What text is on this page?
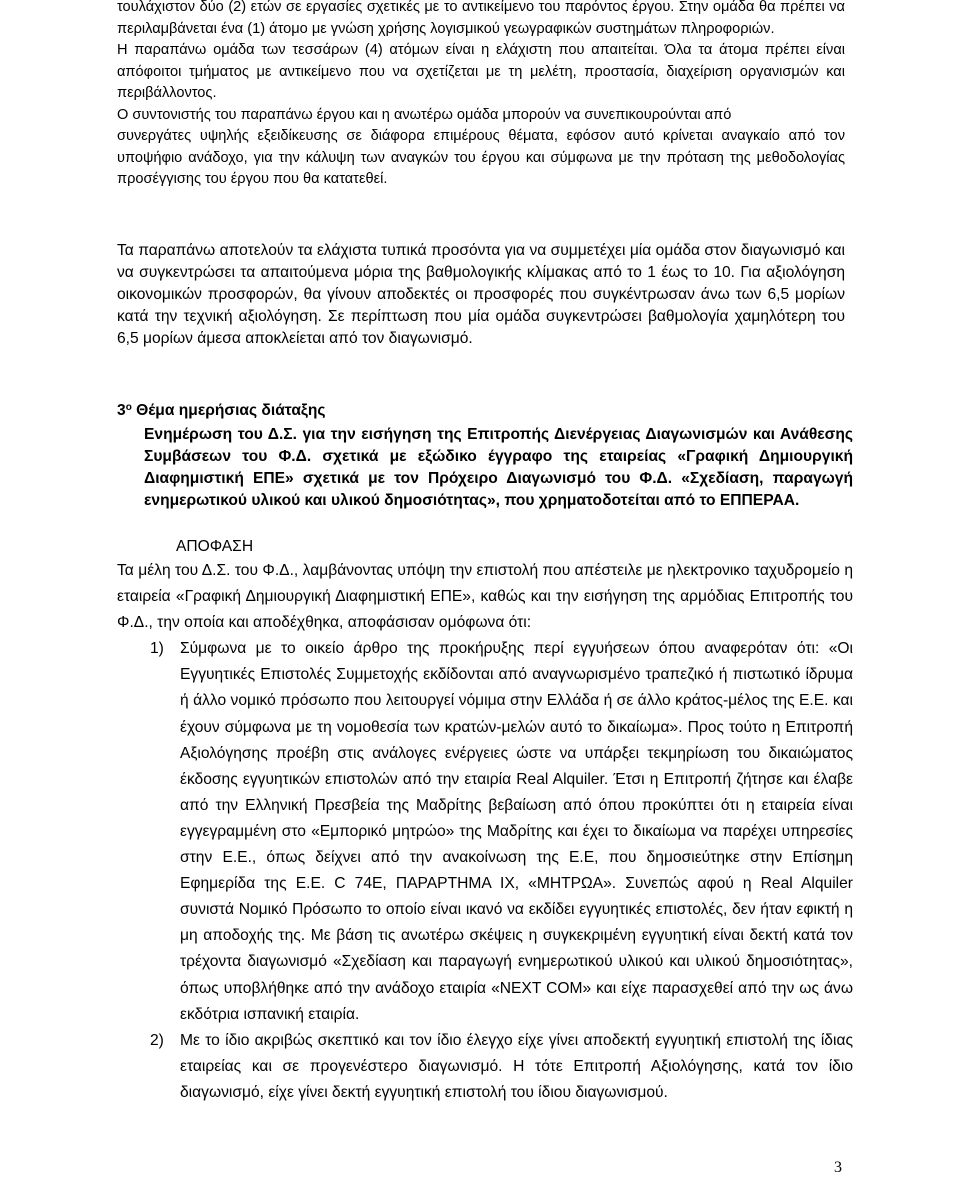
τουλάχιστον δύο (2) ετών σε εργασίες σχετικές με το αντικείμενο του παρόντος έργου. Στην ομάδα θα πρέπει να περιλαμβάνεται ένα (1) άτομο με γνώση χρήσης λογισμικού γεωγραφικών συστημάτων πληροφοριών.

Η παραπάνω ομάδα των τεσσάρων (4) ατόμων είναι η ελάχιστη που απαιτείται. Όλα τα άτομα πρέπει είναι απόφοιτοι τμήματος με αντικείμενο που να σχετίζεται με τη μελέτη, προστασία, διαχείριση οργανισμών και περιβάλλοντος.

Ο συντονιστής του παραπάνω έργου και η ανωτέρω ομάδα μπορούν να συνεπικουρούνται από

συνεργάτες υψηλής εξειδίκευσης σε διάφορα επιμέρους θέματα, εφόσον αυτό κρίνεται αναγκαίο από τον υποψήφιο ανάδοχο, για την κάλυψη των αναγκών του έργου και σύμφωνα με την πρόταση της μεθοδολογίας προσέγγισης του έργου που θα κατατεθεί.

Τα παραπάνω αποτελούν τα ελάχιστα τυπικά προσόντα για να συμμετέχει μία ομάδα στον διαγωνισμό και να συγκεντρώσει τα απαιτούμενα μόρια της βαθμολογικής κλίμακας από το 1 έως το 10. Για αξιολόγηση οικονομικών προσφορών, θα γίνουν αποδεκτές οι προσφορές που συγκέντρωσαν άνω των 6,5 μορίων κατά την τεχνική αξιολόγηση. Σε περίπτωση που μία ομάδα συγκεντρώσει βαθμολογία χαμηλότερη του 6,5 μορίων άμεσα αποκλείεται από τον διαγωνισμό.

$3^o$ Θέμα ημερήσιας διάταξης
Ενημέρωση του Δ.Σ. για την εισήγηση της Επιτροπής Διενέργειας Διαγωνισμών και Ανάθεσης Συμβάσεων του Φ.Δ. σχετικά με εξώδικο έγγραφο της εταιρείας «Γραφική Δημιουργική Διαφημιστική ΕΠΕ» σχετικά με τον Πρόχειρο Διαγωνισμό του Φ.Δ. «Σχεδίαση, παραγωγή ενημερωτικού υλικού και υλικού δημοσιότητας», που χρηματοδοτείται από το ΕΠΠΕΡΑΑ.
ΑΠΟΦΑΣΗ

Τα μέλη του Δ.Σ. του Φ.Δ., λαμβάνοντας υπόψη την επιστολή που απέστειλε με ηλεκτρονικο ταχυδρομείο η εταιρεία «Γραφική Δημιουργική Διαφημιστική ΕΠΕ», καθώς και την εισήγηση της αρμόδιας Επιτροπής του Φ.Δ., την οποία και αποδέχθηκα, αποφάσισαν ομόφωνα ότι:

1) Σύμφωνα με το οικείο άρθρο της προκήρυξης περί εγγυήσεων όπου αναφερόταν ότι: «Οι Εγγυητικές Επιστολές Συμμετοχής εκδίδονται από αναγνωρισμένο τραπεζικό ή πιστωτικό ίδρυμα ή άλλο νομικό πρόσωπο που λειτουργεί νόμιμα στην Ελλάδα ή σε άλλο κράτος-μέλος της Ε.Ε. και έχουν σύμφωνα με τη νομοθεσία των κρατών-μελών αυτό το δικαίωμα». Προς τούτο η Επιτροπή Αξιολόγησης προέβη στις ανάλογες ενέργειες ώστε να υπάρξει τεκμηρίωση του δικαιώματος έκδοσης εγγυητικών επιστολών από την εταιρία Real Alquiler. Έτσι η Επιτροπή ζήτησε και έλαβε από την Ελληνική Πρεσβεία της Μαδρίτης βεβαίωση από όπου προκύπτει ότι η εταιρεία είναι εγγεγραμμένη στο «Εμπορικό μητρώο» της Μαδρίτης και έχει το δικαίωμα να παρέχει υπηρεσίες στην Ε.Ε., όπως δείχνει από την ανακοίνωση της Ε.Ε, που δημοσιεύτηκε στην Επίσημη Εφημερίδα της Ε.Ε. C 74Ε, ΠΑΡΑΡΤΗΜΑ ΙΧ, «ΜΗΤΡΩΑ». Συνεπώς αφού η Real Alquiler συνιστά Νομικό Πρόσωπο το οποίο είναι ικανό να εκδίδει εγγυητικές επιστολές, δεν ήταν εφικτή η μη αποδοχής της. Με βάση τις ανωτέρω σκέψεις η συγκεκριμένη εγγυητική είναι δεκτή κατά τον τρέχοντα διαγωνισμό «Σχεδίαση και παραγωγή ενημερωτικού υλικού και υλικού δημοσιότητας», όπως υποβλήθηκε από την ανάδοχο εταιρία «NEXT COM» και είχε παρασχεθεί από την ως άνω εκδότρια ισπανική εταιρία.
2) Με το ίδιο ακριβώς σκεπτικό και τον ίδιο έλεγχο είχε γίνει αποδεκτή εγγυητική επιστολή της ίδιας εταιρείας και σε προγενέστερο διαγωνισμό. Η τότε Επιτροπή Αξιολόγησης, κατά τον ίδιο διαγωνισμό, είχε γίνει δεκτή εγγυητική επιστολή του ίδιου διαγωνισμού.
3
